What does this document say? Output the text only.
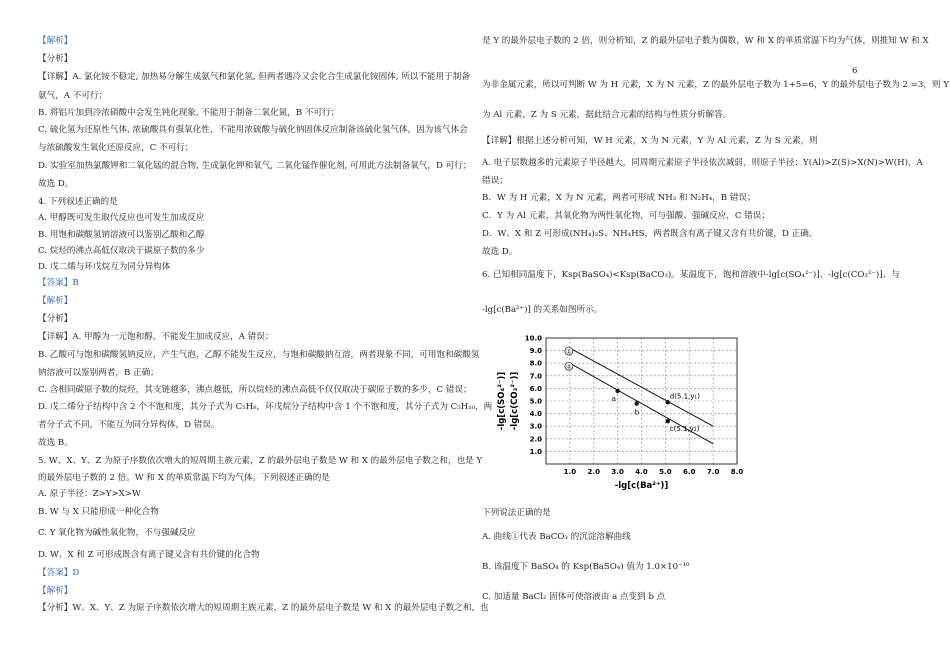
【解析】
【分析】
【详解】A. 氯化铵不稳定, 加热易分解生成氨气和氯化氢, 但两者遇冷又会化合生成氯化铵固体, 所以不能用于制备
氨气，A 不可行；
B. 将铝片加到冷浓硝酸中会发生钝化现象, 不能用于制备二氧化氮，B 不可行；
C. 硫化氢为还原性气体, 浓硫酸具有强氧化性，不能用浓硫酸与硫化钠固体反应制备该硫化氢气体，因为该气体会
与浓硫酸发生氧化还原反应，C 不可行；
D. 实验室加热氯酸钾和二氧化锰的混合物, 生成氯化钾和氧气, 二氧化锰作催化剂, 可用此方法制备氧气，D 可行；
故选 D。
4. 下列叙述正确的是
A. 甲醇既可发生取代反应也可发生加成反应
B. 用饱和碳酸氢钠溶液可以鉴别乙酸和乙醇
C. 烷烃的沸点高低仅取决于碳原子数的多少
D. 戊二烯与环戊烷互为同分异构体
【答案】B
【解析】
【分析】
【详解】A. 甲醇为一元饱和醇，不能发生加成反应，A 错误；
B. 乙酸可与饱和碳酸氢钠反应，产生气泡，乙醇不能发生反应，与饱和碳酸钠互溶，两者现象不同，可用饱和碳酸氢
钠溶液可以鉴别两者，B 正确；
C. 含相同碳原子数的烷烃，其支链越多，沸点越低，所以烷烃的沸点高低不仅仅取决于碳原子数的多少，C 错误；
D. 戊二烯分子结构中含 2 个不饱和度，其分子式为 C₅H₈，环戊烷分子结构中含 1 个不饱和度，其分子式为 C₅H₁₀，两
者分子式不同，不能互为同分异构体，D 错误。
故选 B。
5. W、X、Y、Z 为原子序数依次增大的短周期主族元素，Z 的最外层电子数是 W 和 X 的最外层电子数之和，也是 Y
的最外层电子数的 2 倍。W 和 X 的单质常温下均为气体。下列叙述正确的是
A. 原子半径：Z>Y>X>W
B. W 与 X 只能形成一种化合物
C. Y 氧化物为碱性氧化物，不与强碱反应
D. W、X 和 Z 可形成既含有离子键又含有共价键的化合物
【答案】D
【解析】
【分析】W、X、Y、Z 为原子序数依次增大的短周期主族元素，Z 的最外层电子数是 W 和 X 的最外层电子数之和，也
是 Y 的最外层电子数的 2 倍，则分析知，Z 的最外层电子数为偶数，W 和 X 的单质常温下均为气体，则推知 W 和 X
6
为非金属元素，所以可判断 W 为 H 元素，X 为 N 元素，Z 的最外层电子数为 1+5=6，Y 的最外层电子数为 2 =3，则 Y
为 Al 元素，Z 为 S 元素，据此结合元素的结构与性质分析解答。
【详解】根据上述分析可知，W H 元素，X 为 N 元素，Y 为 Al 元素，Z 为 S 元素，则
A. 电子层数越多的元素原子半径越大，同周期元素原子半径依次减弱，则原子半径：Y(Al)>Z(S)>X(N)>W(H)，A
错误；
B．W 为 H 元素，X 为 N 元素，两者可形成 NH₃ 和 N₂H₄，B 错误；
C．Y 为 Al 元素，其氧化物为两性氧化物，可与强酸、强碱反应，C 错误；
D．W、X 和 Z 可形成(NH₄)₂S、NH₄HS，两者既含有离子键又含有共价键，D 正确。
故选 D。
6. 已知相同温度下，Ksp(BaSO₄)<Ksp(BaCO₃)。某温度下，饱和溶液中-lg[c(SO₄²⁻)]、-lg[c(CO₃²⁻)]、与
-lg[c(Ba²⁺)] 的关系如图所示。
下列说法正确的是
A. 曲线①代表 BaCO₃ 的沉淀溶解曲线
B. 该温度下 BaSO₄ 的 Ksp(BaSO₄) 值为 1.0×10⁻¹⁰
C. 加适量 BaCl₂ 固体可使溶液由 a 点变到 b 点
1.0 2.0 3.0 4.0 5.0 6.0 7.0 8.0
1.0
2.0
3.0
4.0
5.0
6.0
7.0
8.0
9.0
10.0
-lg[c(Ba²⁺)]
-lg[c(SO₄²⁻)] -lg[c(CO₃²⁻)]
①
②
a
b
c(5.1,y₂)
d(5.1,y₁)
